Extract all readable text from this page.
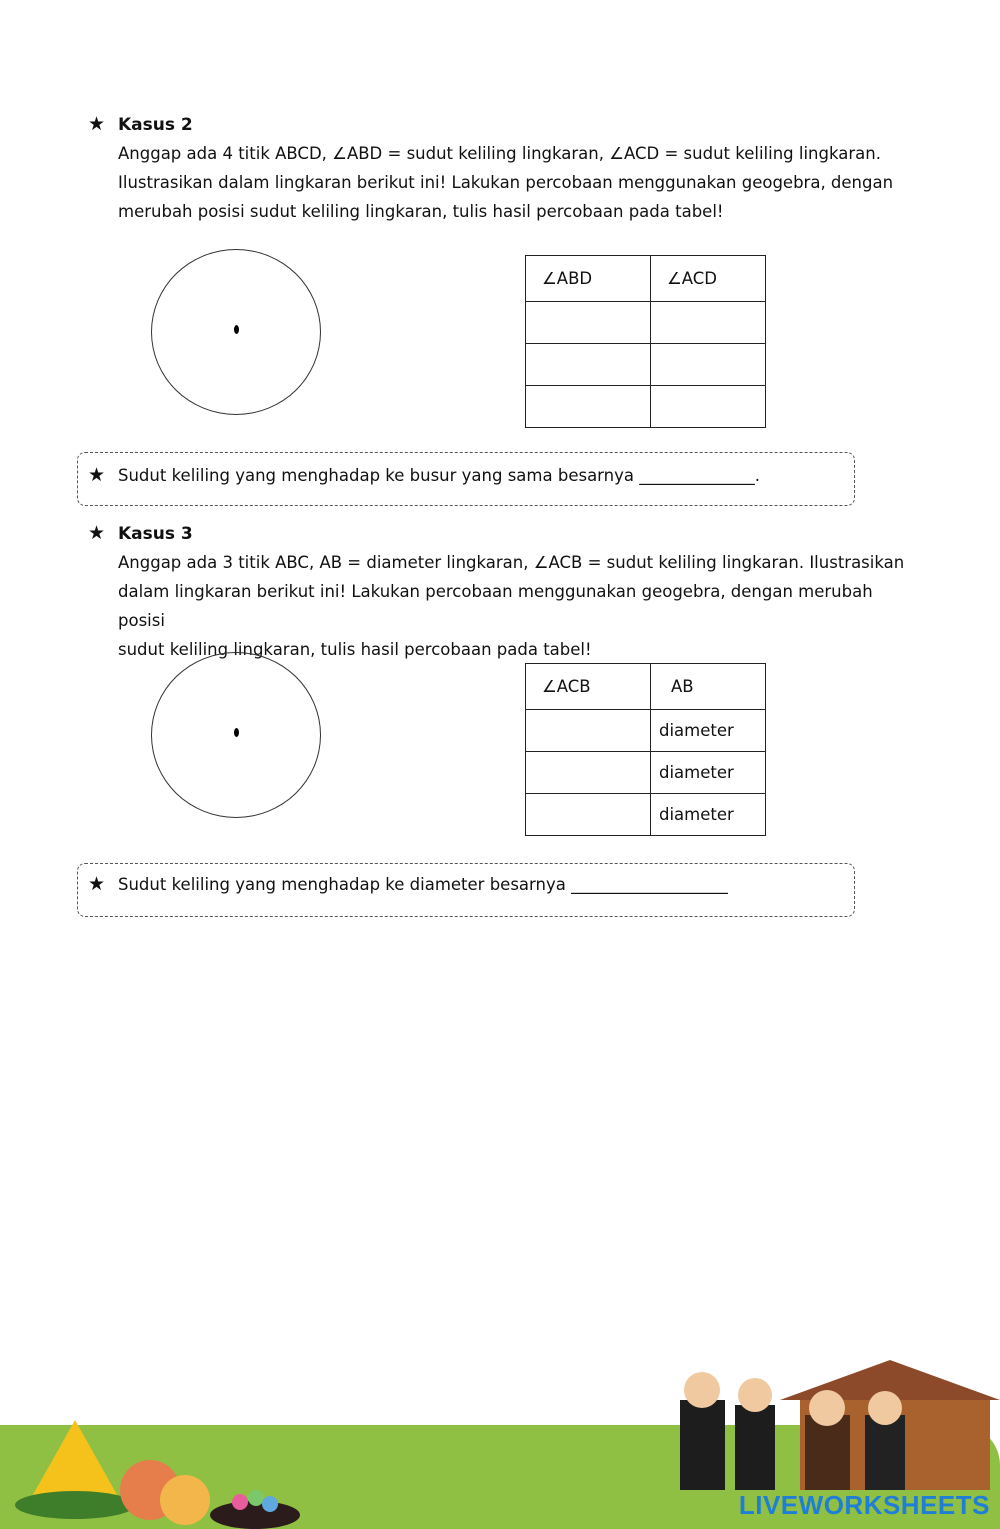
★ Kasus 2
Anggap ada 4 titik ABCD, ∠ABD = sudut keliling lingkaran, ∠ACD = sudut keliling lingkaran.
Ilustrasikan dalam lingkaran berikut ini! Lakukan percobaan menggunakan geogebra, dengan
merubah posisi sudut keliling lingkaran, tulis hasil percobaan pada tabel!
∠ABD	∠ACD

★ Sudut keliling yang menghadap ke busur yang sama besarnya ______________.
★ Kasus 3
Anggap ada 3 titik ABC, AB = diameter lingkaran, ∠ACB = sudut keliling lingkaran. Ilustrasikan
dalam lingkaran berikut ini! Lakukan percobaan menggunakan geogebra, dengan merubah posisi
sudut keliling lingkaran, tulis hasil percobaan pada tabel!
∠ACB	AB
	diameter
	diameter
	diameter
★ Sudut keliling yang menghadap ke diameter besarnya ___________________
LIVEWORKSHEETS
